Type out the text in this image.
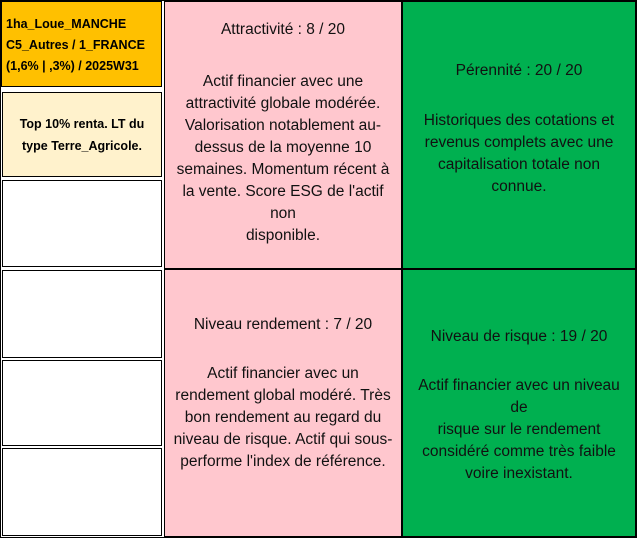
1ha_Loue_MANCHE
C5_Autres / 1_FRANCE
(1,6% | ,3%) / 2025W31
Top 10% renta. LT du type Terre_Agricole.
Attractivité : 8 / 20
Actif financier avec une
attractivité globale modérée.
Valorisation notablement au-
dessus de la moyenne 10
semaines. Momentum récent à
la vente. Score ESG de l'actif non
disponible.
Pérennité : 20 / 20
Historiques des cotations et
revenus complets avec une
capitalisation totale non
connue.
Niveau rendement : 7 / 20
Actif financier avec un
rendement global modéré. Très
bon rendement au regard du
niveau de risque. Actif qui sous-
performe l'index de référence.
Niveau de risque : 19 / 20
Actif financier avec un niveau de
risque sur le rendement
considéré comme très faible
voire inexistant.
